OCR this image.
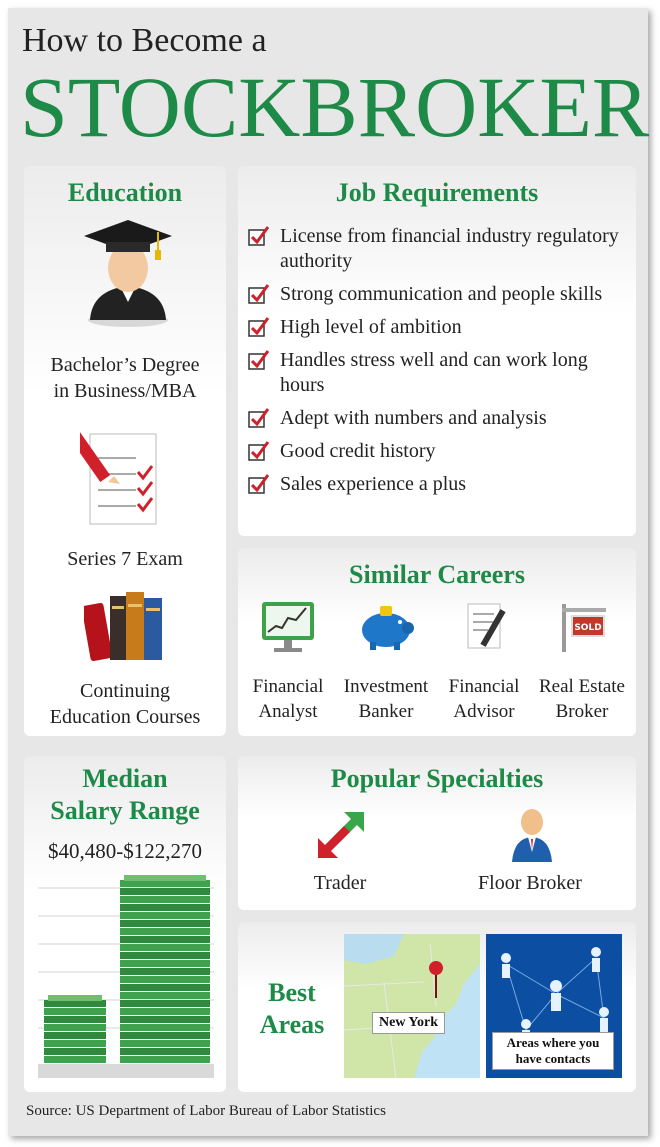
How to Become a
STOCKBROKER
Education
Bachelor’s Degree
in Business/MBA
Series 7 Exam
Continuing
Education Courses
Job Requirements
License from financial industry regulatory authority
Strong communication and people skills
High level of ambition
Handles stress well and can work long hours
Adept with numbers and analysis
Good credit history
Sales experience a plus
Similar Careers
Financial
Analyst
Investment
Banker
Financial
Advisor
SOLD
Real Estate
Broker
Median
Salary Range
$40,480-$122,270
Popular Specialties
Trader	Floor Broker
Best
Areas	New York
Areas where you
have contacts
Source: US Department of Labor Bureau of Labor Statistics
